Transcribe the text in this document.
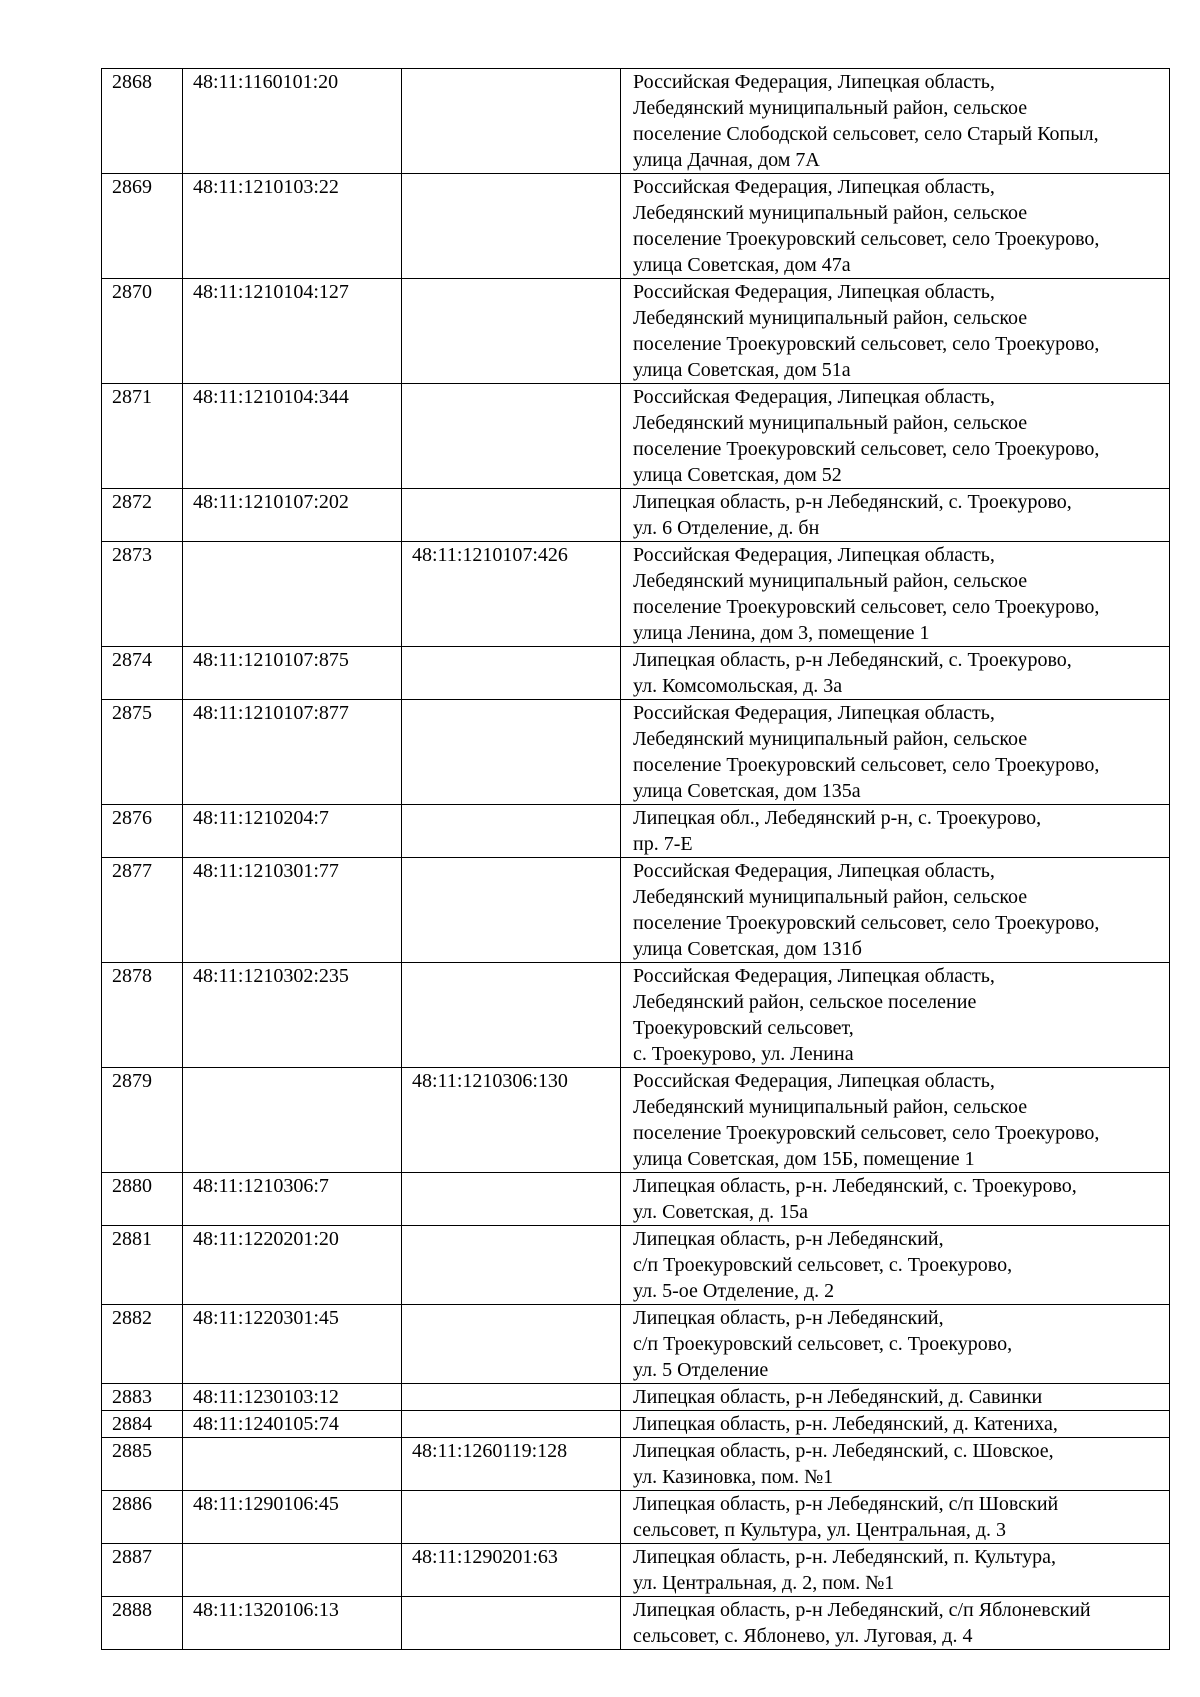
2868	48:11:1160101:20		Российская Федерация, Липецкая область,
Лебедянский муниципальный район, сельское
поселение Слободской сельсовет, село Старый Копыл,
улица Дачная, дом 7А
2869	48:11:1210103:22		Российская Федерация, Липецкая область,
Лебедянский муниципальный район, сельское
поселение Троекуровский сельсовет, село Троекурово,
улица Советская, дом 47а
2870	48:11:1210104:127		Российская Федерация, Липецкая область,
Лебедянский муниципальный район, сельское
поселение Троекуровский сельсовет, село Троекурово,
улица Советская, дом 51а
2871	48:11:1210104:344		Российская Федерация, Липецкая область,
Лебедянский муниципальный район, сельское
поселение Троекуровский сельсовет, село Троекурово,
улица Советская, дом 52
2872	48:11:1210107:202		Липецкая область, р-н Лебедянский, с. Троекурово,
ул. 6 Отделение, д. бн
2873		48:11:1210107:426	Российская Федерация, Липецкая область,
Лебедянский муниципальный район, сельское
поселение Троекуровский сельсовет, село Троекурово,
улица Ленина, дом 3, помещение 1
2874	48:11:1210107:875		Липецкая область, р-н Лебедянский, с. Троекурово,
ул. Комсомольская, д. 3а
2875	48:11:1210107:877		Российская Федерация, Липецкая область,
Лебедянский муниципальный район, сельское
поселение Троекуровский сельсовет, село Троекурово,
улица Советская, дом 135а
2876	48:11:1210204:7		Липецкая обл., Лебедянский р-н, с. Троекурово,
пр. 7-Е
2877	48:11:1210301:77		Российская Федерация, Липецкая область,
Лебедянский муниципальный район, сельское
поселение Троекуровский сельсовет, село Троекурово,
улица Советская, дом 131б
2878	48:11:1210302:235		Российская Федерация, Липецкая область,
Лебедянский район, сельское поселение
Троекуровский сельсовет,
с. Троекурово, ул. Ленина
2879		48:11:1210306:130	Российская Федерация, Липецкая область,
Лебедянский муниципальный район, сельское
поселение Троекуровский сельсовет, село Троекурово,
улица Советская, дом 15Б, помещение 1
2880	48:11:1210306:7		Липецкая область, р-н. Лебедянский, с. Троекурово,
ул. Советская, д. 15а
2881	48:11:1220201:20		Липецкая область, р-н Лебедянский,
с/п Троекуровский сельсовет, с. Троекурово,
ул. 5-ое Отделение, д. 2
2882	48:11:1220301:45		Липецкая область, р-н Лебедянский,
с/п Троекуровский сельсовет, с. Троекурово,
ул. 5 Отделение
2883	48:11:1230103:12		Липецкая область, р-н Лебедянский, д. Савинки
2884	48:11:1240105:74		Липецкая область, р-н. Лебедянский, д. Катениха,
2885		48:11:1260119:128	Липецкая область, р-н. Лебедянский, с. Шовское,
ул. Казиновка, пом. №1
2886	48:11:1290106:45		Липецкая область, р-н Лебедянский, с/п Шовский
сельсовет, п Культура, ул. Центральная, д. 3
2887		48:11:1290201:63	Липецкая область, р-н. Лебедянский, п. Культура,
ул. Центральная, д. 2, пом. №1
2888	48:11:1320106:13		Липецкая область, р-н Лебедянский, с/п Яблоневский
сельсовет, с. Яблонево, ул. Луговая, д. 4
